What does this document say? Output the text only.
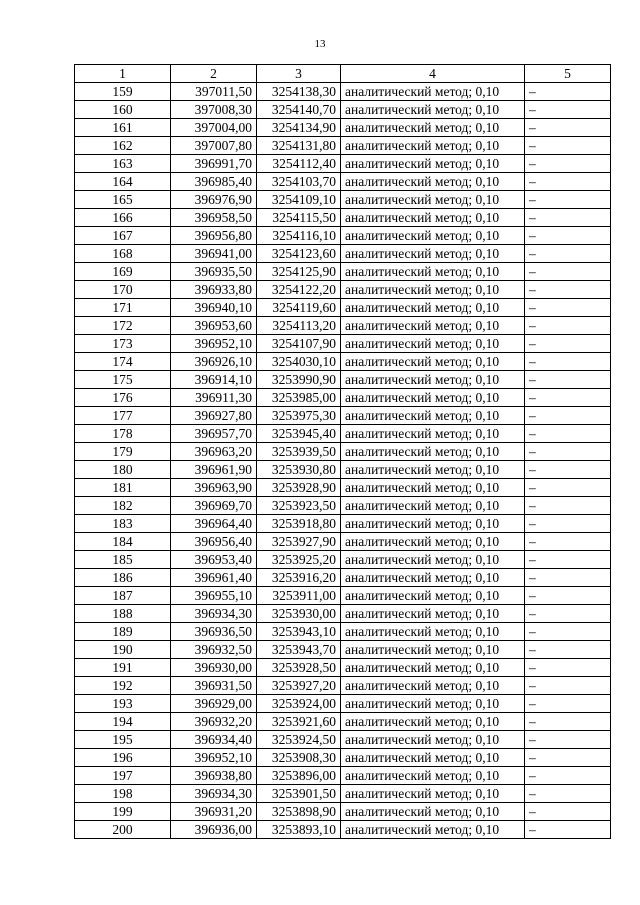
13
1	2	3	4	5
159	397011,50	3254138,30	аналитический метод; 0,10	–
160	397008,30	3254140,70	аналитический метод; 0,10	–
161	397004,00	3254134,90	аналитический метод; 0,10	–
162	397007,80	3254131,80	аналитический метод; 0,10	–
163	396991,70	3254112,40	аналитический метод; 0,10	–
164	396985,40	3254103,70	аналитический метод; 0,10	–
165	396976,90	3254109,10	аналитический метод; 0,10	–
166	396958,50	3254115,50	аналитический метод; 0,10	–
167	396956,80	3254116,10	аналитический метод; 0,10	–
168	396941,00	3254123,60	аналитический метод; 0,10	–
169	396935,50	3254125,90	аналитический метод; 0,10	–
170	396933,80	3254122,20	аналитический метод; 0,10	–
171	396940,10	3254119,60	аналитический метод; 0,10	–
172	396953,60	3254113,20	аналитический метод; 0,10	–
173	396952,10	3254107,90	аналитический метод; 0,10	–
174	396926,10	3254030,10	аналитический метод; 0,10	–
175	396914,10	3253990,90	аналитический метод; 0,10	–
176	396911,30	3253985,00	аналитический метод; 0,10	–
177	396927,80	3253975,30	аналитический метод; 0,10	–
178	396957,70	3253945,40	аналитический метод; 0,10	–
179	396963,20	3253939,50	аналитический метод; 0,10	–
180	396961,90	3253930,80	аналитический метод; 0,10	–
181	396963,90	3253928,90	аналитический метод; 0,10	–
182	396969,70	3253923,50	аналитический метод; 0,10	–
183	396964,40	3253918,80	аналитический метод; 0,10	–
184	396956,40	3253927,90	аналитический метод; 0,10	–
185	396953,40	3253925,20	аналитический метод; 0,10	–
186	396961,40	3253916,20	аналитический метод; 0,10	–
187	396955,10	3253911,00	аналитический метод; 0,10	–
188	396934,30	3253930,00	аналитический метод; 0,10	–
189	396936,50	3253943,10	аналитический метод; 0,10	–
190	396932,50	3253943,70	аналитический метод; 0,10	–
191	396930,00	3253928,50	аналитический метод; 0,10	–
192	396931,50	3253927,20	аналитический метод; 0,10	–
193	396929,00	3253924,00	аналитический метод; 0,10	–
194	396932,20	3253921,60	аналитический метод; 0,10	–
195	396934,40	3253924,50	аналитический метод; 0,10	–
196	396952,10	3253908,30	аналитический метод; 0,10	–
197	396938,80	3253896,00	аналитический метод; 0,10	–
198	396934,30	3253901,50	аналитический метод; 0,10	–
199	396931,20	3253898,90	аналитический метод; 0,10	–
200	396936,00	3253893,10	аналитический метод; 0,10	–
